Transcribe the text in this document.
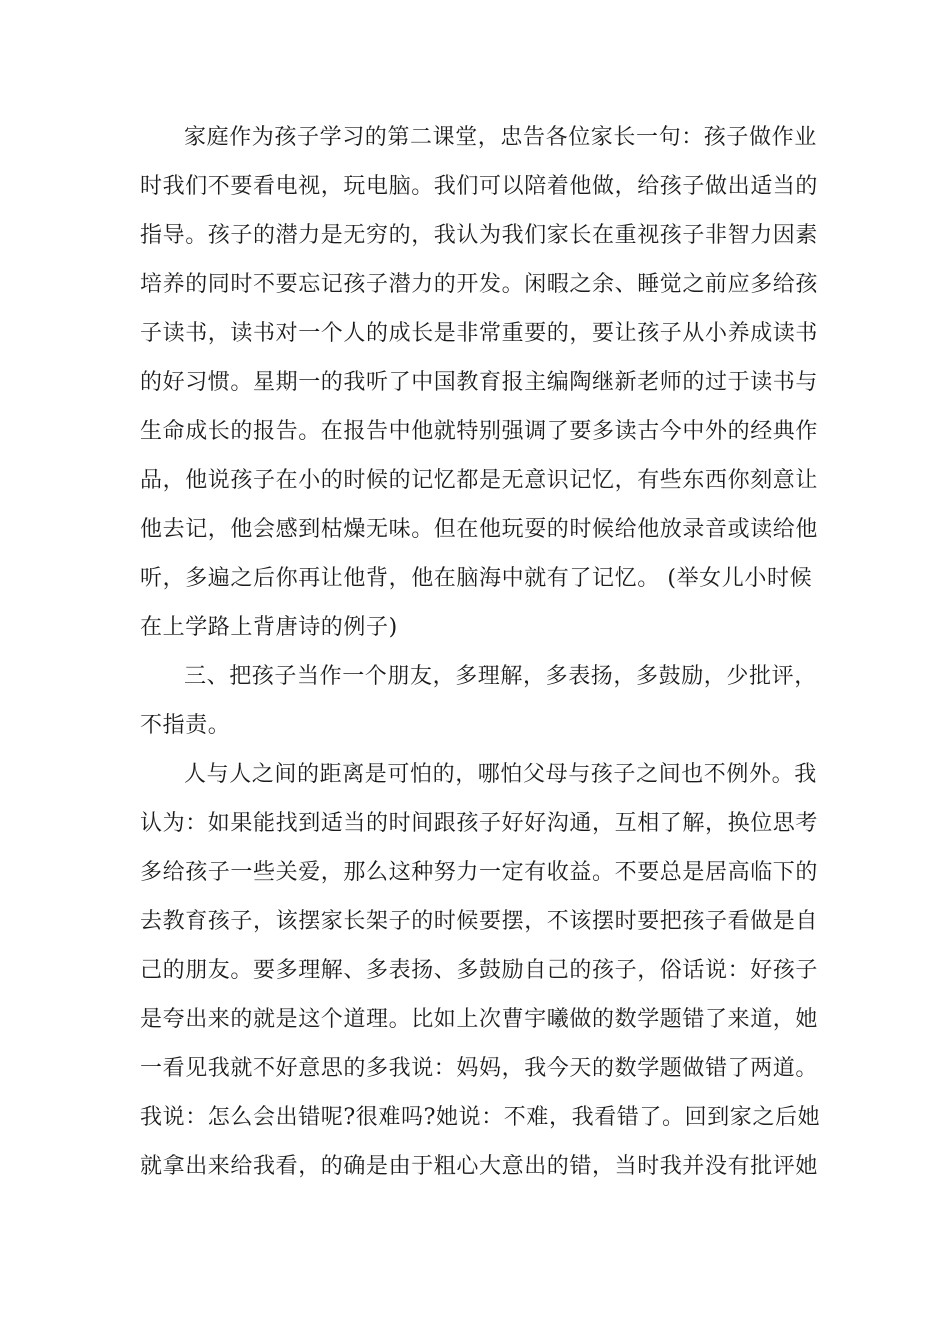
家庭作为孩子学习的第二课堂，忠告各位家长一句：孩子做作业
时我们不要看电视，玩电脑。我们可以陪着他做，给孩子做出适当的
指导。孩子的潜力是无穷的，我认为我们家长在重视孩子非智力因素
培养的同时不要忘记孩子潜力的开发。闲暇之余、睡觉之前应多给孩
子读书，读书对一个人的成长是非常重要的，要让孩子从小养成读书
的好习惯。星期一的我听了中国教育报主编陶继新老师的过于读书与
生命成长的报告。在报告中他就特别强调了要多读古今中外的经典作
品，他说孩子在小的时候的记忆都是无意识记忆，有些东西你刻意让
他去记，他会感到枯燥无味。但在他玩耍的时候给他放录音或读给他
听，多遍之后你再让他背，他在脑海中就有了记忆。 (举女儿小时候
在上学路上背唐诗的例子)
三、把孩子当作一个朋友，多理解，多表扬，多鼓励，少批评，
不指责。
人与人之间的距离是可怕的，哪怕父母与孩子之间也不例外。我
认为：如果能找到适当的时间跟孩子好好沟通，互相了解，换位思考
多给孩子一些关爱，那么这种努力一定有收益。不要总是居高临下的
去教育孩子，该摆家长架子的时候要摆，不该摆时要把孩子看做是自
己的朋友。要多理解、多表扬、多鼓励自己的孩子，俗话说：好孩子
是夸出来的就是这个道理。比如上次曹宇曦做的数学题错了来道，她
一看见我就不好意思的多我说：妈妈，我今天的数学题做错了两道。
我说：怎么会出错呢?很难吗?她说：不难，我看错了。回到家之后她
就拿出来给我看，的确是由于粗心大意出的错，当时我并没有批评她
